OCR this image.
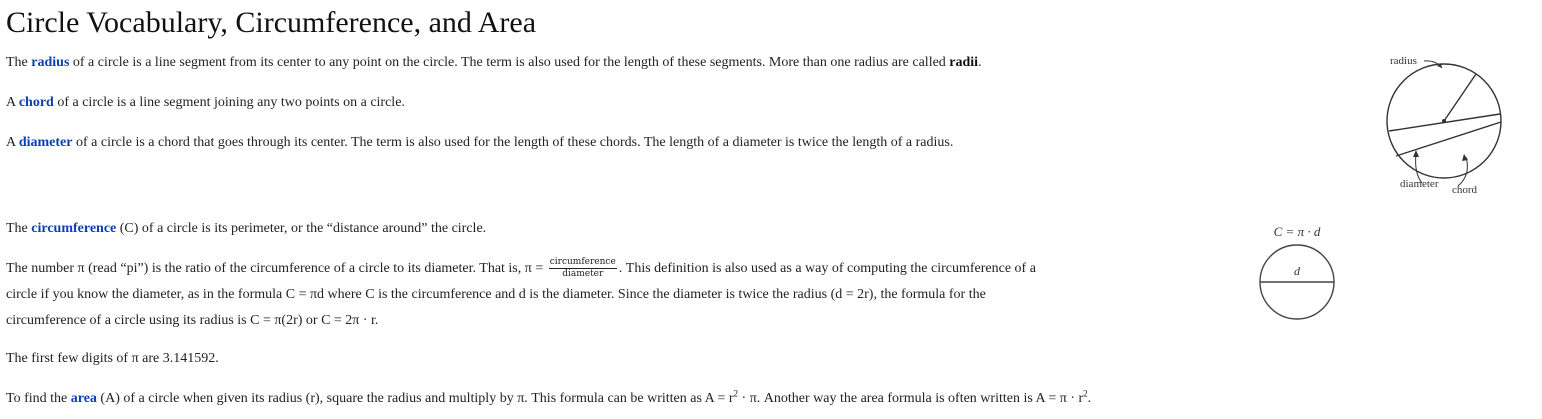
Circle Vocabulary, Circumference, and Area
The radius of a circle is a line segment from its center to any point on the circle. The term is also used for the length of these segments. More than one radius are called radii.
A chord of a circle is a line segment joining any two points on a circle.
A diameter of a circle is a chord that goes through its center. The term is also used for the length of these chords. The length of a diameter is twice the length of a radius.
The circumference (C) of a circle is its perimeter, or the “distance around” the circle.
The number π (read “pi”) is the ratio of the circumference of a circle to its diameter. That is, $\pi = \frac{\text{circumference}}{\text{diameter}}$ . This definition is also used as a way of computing the circumference of a
circle if you know the diameter, as in the formula C = πd where C is the circumference and d is the diameter. Since the diameter is twice the radius (d = 2r), the formula for the
circumference of a circle using its radius is C = π(2r) or C = 2π · r.
The first few digits of π are 3.141592.
To find the area (A) of a circle when given its radius (r), square the radius and multiply by π. This formula can be written as $A = r^2 \cdot \pi$. Another way the area formula is often written is $A = \pi \cdot r^2$.
radius
diameter chord
C = π · d
d
